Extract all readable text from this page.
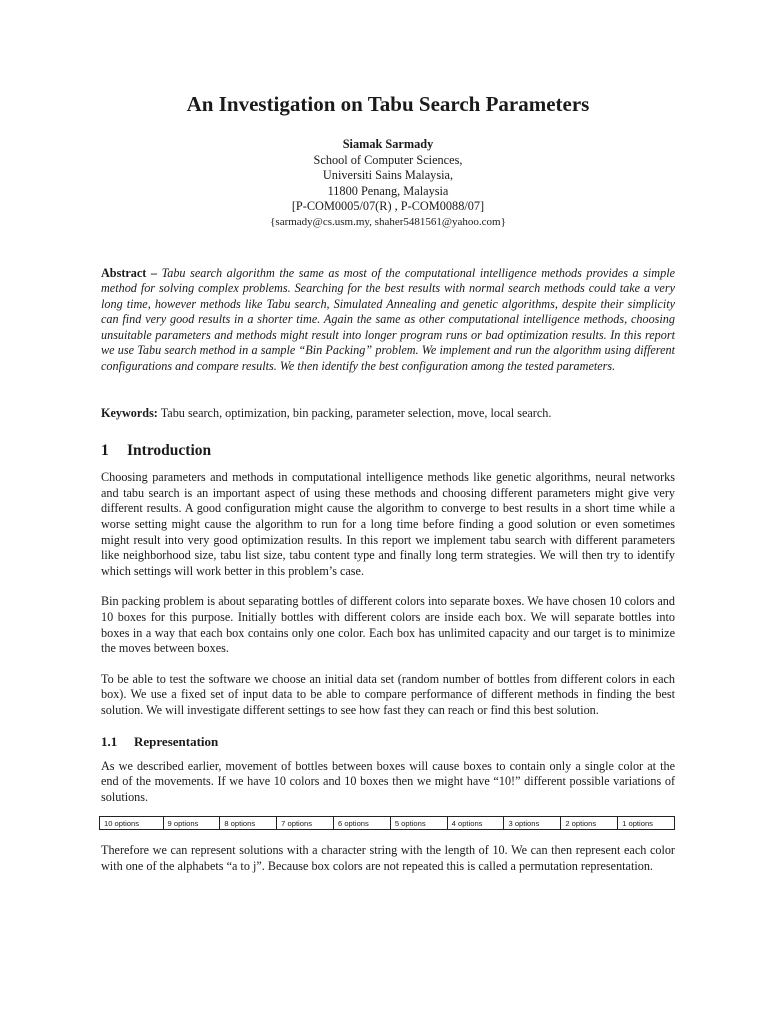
An Investigation on Tabu Search Parameters
Siamak Sarmady
School of Computer Sciences,
Universiti Sains Malaysia,
11800 Penang, Malaysia
[P-COM0005/07(R) , P-COM0088/07]
{sarmady@cs.usm.my, shaher5481561@yahoo.com}
Abstract – Tabu search algorithm the same as most of the computational intelligence methods provides a simple method for solving complex problems. Searching for the best results with normal search methods could take a very long time, however methods like Tabu search, Simulated Annealing and genetic algorithms, despite their simplicity can find very good results in a shorter time. Again the same as other computational intelligence methods, choosing unsuitable parameters and methods might result into longer program runs or bad optimization results. In this report we use Tabu search method in a sample “Bin Packing” problem. We implement and run the algorithm using different configurations and compare results. We then identify the best configuration among the tested parameters.
Keywords: Tabu search, optimization, bin packing, parameter selection, move, local search.
1 Introduction

Choosing parameters and methods in computational intelligence methods like genetic algorithms, neural networks and tabu search is an important aspect of using these methods and choosing different parameters might give very different results. A good configuration might cause the algorithm to converge to best results in a short time while a worse setting might cause the algorithm to run for a long time before finding a good solution or even sometimes might result into very good optimization results. In this report we implement tabu search with different parameters like neighborhood size, tabu list size, tabu content type and finally long term strategies. We will then try to identify which settings will work better in this problem’s case.

Bin packing problem is about separating bottles of different colors into separate boxes. We have chosen 10 colors and 10 boxes for this purpose. Initially bottles with different colors are inside each box. We will separate bottles into boxes in a way that each box contains only one color. Each box has unlimited capacity and our target is to minimize the moves between boxes.

To be able to test the software we choose an initial data set (random number of bottles from different colors in each box). We use a fixed set of input data to be able to compare performance of different methods in finding the best solution. We will investigate different settings to see how fast they can reach or find this best solution.

1.1 Representation

As we described earlier, movement of bottles between boxes will cause boxes to contain only a single color at the end of the movements. If we have 10 colors and 10 boxes then we might have “10!” different possible variations of solutions.

10 options	9 options	8 options	7 options	6 options	5 options	4 options	3 options	2 options	1 options

Therefore we can represent solutions with a character string with the length of 10. We can then represent each color with one of the alphabets “a to j”. Because box colors are not repeated this is called a permutation representation.
